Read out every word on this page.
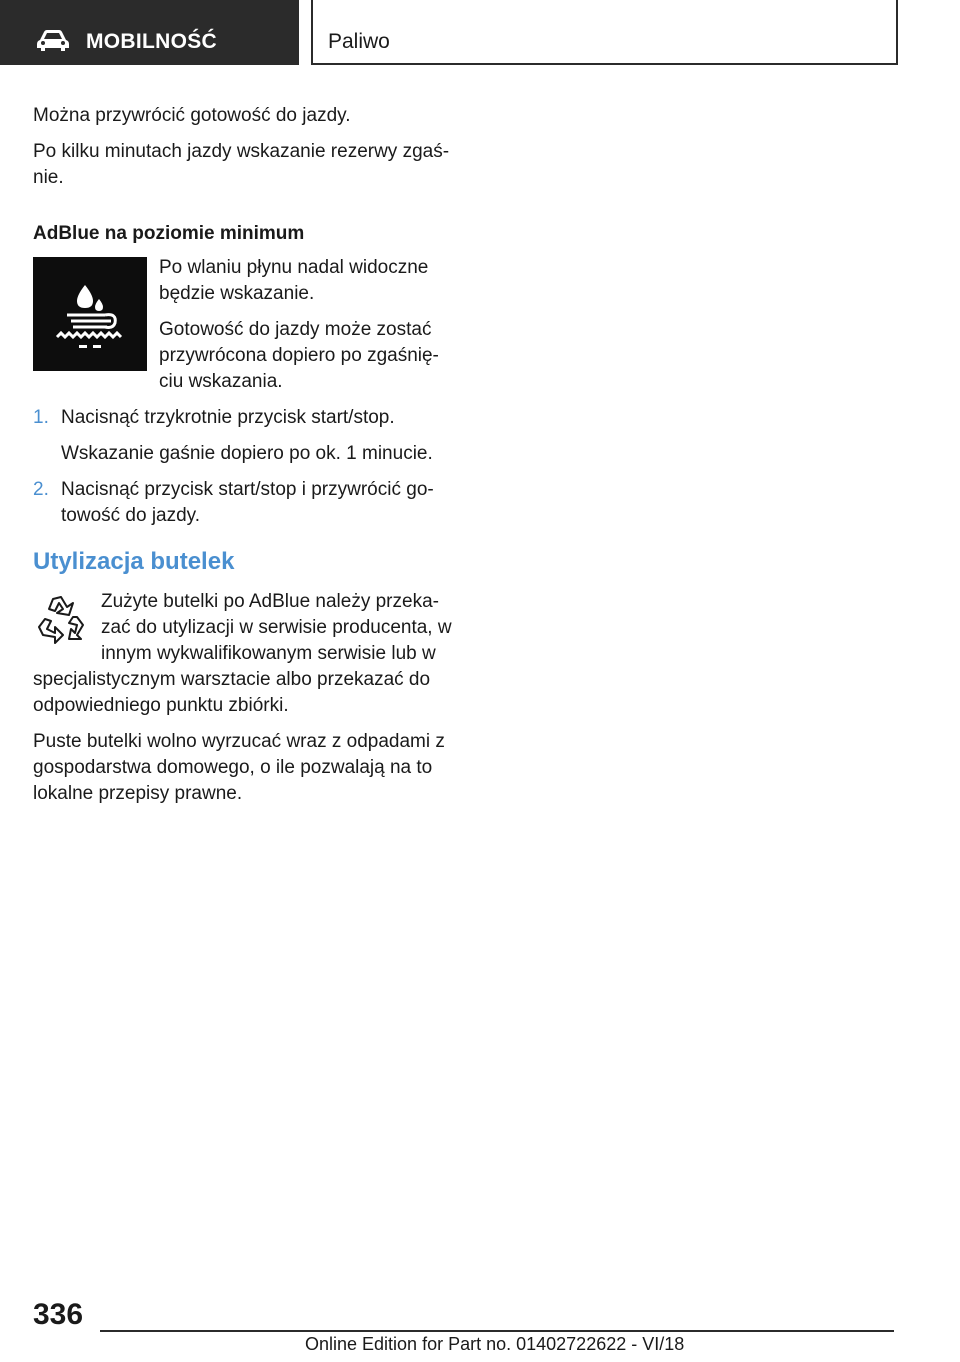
MOBILNOŚĆ	Paliwo

Można przywrócić gotowość do jazdy.

Po kilku minutach jazdy wskazanie rezerwy zgaś-nie.

AdBlue na poziomie minimum

Po wlaniu płynu nadal widoczne będzie wskazanie.

Gotowość do jazdy może zostać przywrócona dopiero po zgaśnię-ciu wskazania.

1. Nacisnąć trzykrotnie przycisk start/stop.
Wskazanie gaśnie dopiero po ok. 1 minucie.
2. Nacisnąć przycisk start/stop i przywrócić go-towość do jazdy.
Utylizacja butelek

Zużyte butelki po AdBlue należy przeka-zać do utylizacji w serwisie producenta, w innym wykwalifikowanym serwisie lub w specjalistycznym warsztacie albo przekazać do odpowiedniego punktu zbiórki.

Puste butelki wolno wyrzucać wraz z odpadami z gospodarstwa domowego, o ile pozwalają na to lokalne przepisy prawne.

336
Online Edition for Part no. 01402722622 - VI/18
